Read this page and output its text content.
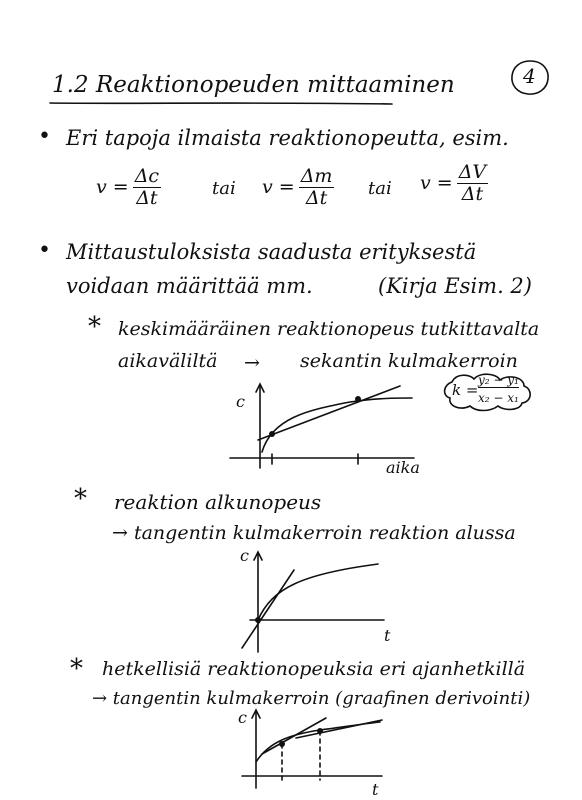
4
1.2 Reaktionopeuden mittaaminen
• Eri tapoja ilmaista reaktionopeutta, esim.
$v = \frac{\Delta c}{\Delta t}$	tai $v = \frac{\Delta m}{\Delta t}$ tai $v = \frac{\Delta V}{\Delta t}$
• Mittaustuloksista saadusta erityksestä
voidaan määrittää mm.	(Kirja Esim. 2)
* keskimääräinen reaktionopeus tutkittavalta
aikaväliltä → sekantin kulmakerroin
k =
y₂ − y₁
x₂ − x₁
c
aika
* reaktion alkunopeus
→ tangentin kulmakerroin reaktion alussa
c
t
* hetkellisiä reaktionopeuksia eri ajanhetkillä
→ tangentin kulmakerroin (graafinen derivointi)
c
t
